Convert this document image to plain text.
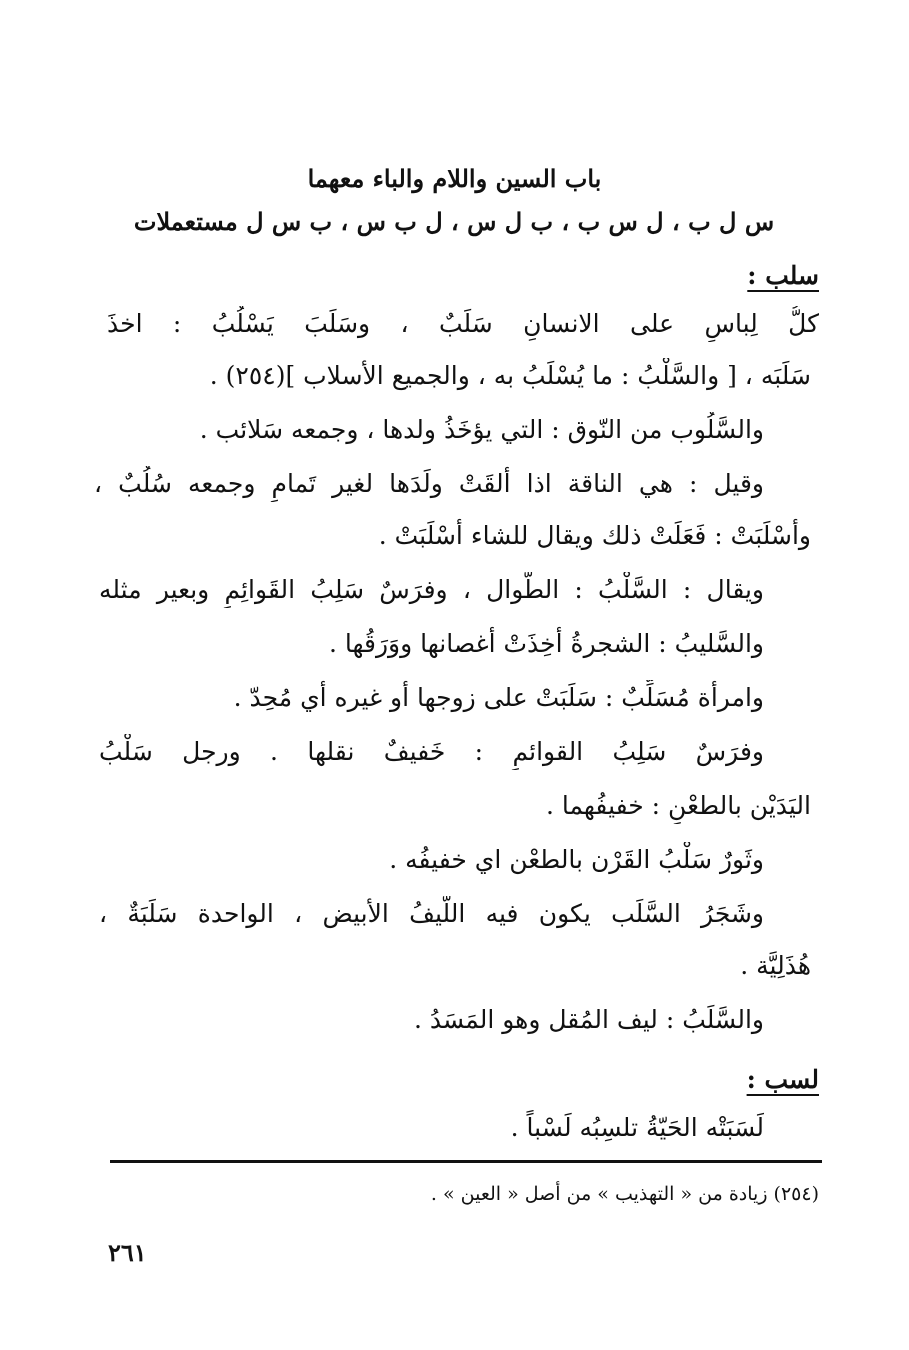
باب السين واللام والباء معهما
س ل ب ، ل س ب ، ب ل س ، ل ب س ، ب س ل مستعملات
سلب :
كلُّ لِباسٍ على الانسانِ سَلَبٌ ، وسَلَبَ يَسْلُبُ : اخذَ
سَلَبَه ، [ والسَّلْبُ : ما يُسْلَبُ به ، والجميع الأسلاب ](٢٥٤) .
والسَّلُوب من النّوق : التي يؤخَذُ ولدها ، وجمعه سَلائب .
وقيل : هي الناقة اذا ألقَتْ ولَدَها لغير تَمامٍ وجمعه سُلُبٌ ،
وأسْلَبَتْ : فَعَلَتْ ذلك ويقال للشاء أسْلَبَتْ .
ويقال : السَّلْبُ : الطّوال ، وفرَسٌ سَلِبُ القَوائِمِ وبعير مثله
والسَّليبُ : الشجرةُ أخِذَتْ أغصانها ووَرَقُها .
وامرأة مُسَلِّبٌ : سَلَبَتْ على زوجها أو غيره أي مُحِدّ .
وفرَسٌ سَلِبُ القوائمِ : خَفيفٌ نقلها . ورجل سَلْبُ
اليَدَيْن بالطعْنِ : خفيفُهما .
وثَورٌ سَلْبُ القَرْن بالطعْن اي خفيفُه .
وشَجَرُ السَّلَب يكون فيه اللّيفُ الأبيض ، الواحدة سَلَبَةٌ ،
هُذَلِيَّة .
والسَّلَبُ : ليف المُقل وهو المَسَدُ .
لسب :
لَسَبَتْه الحَيّةُ تلسِبُه لَسْباً .
(٢٥٤) زيادة من « التهذيب » من أصل « العين » .
٢٦١
